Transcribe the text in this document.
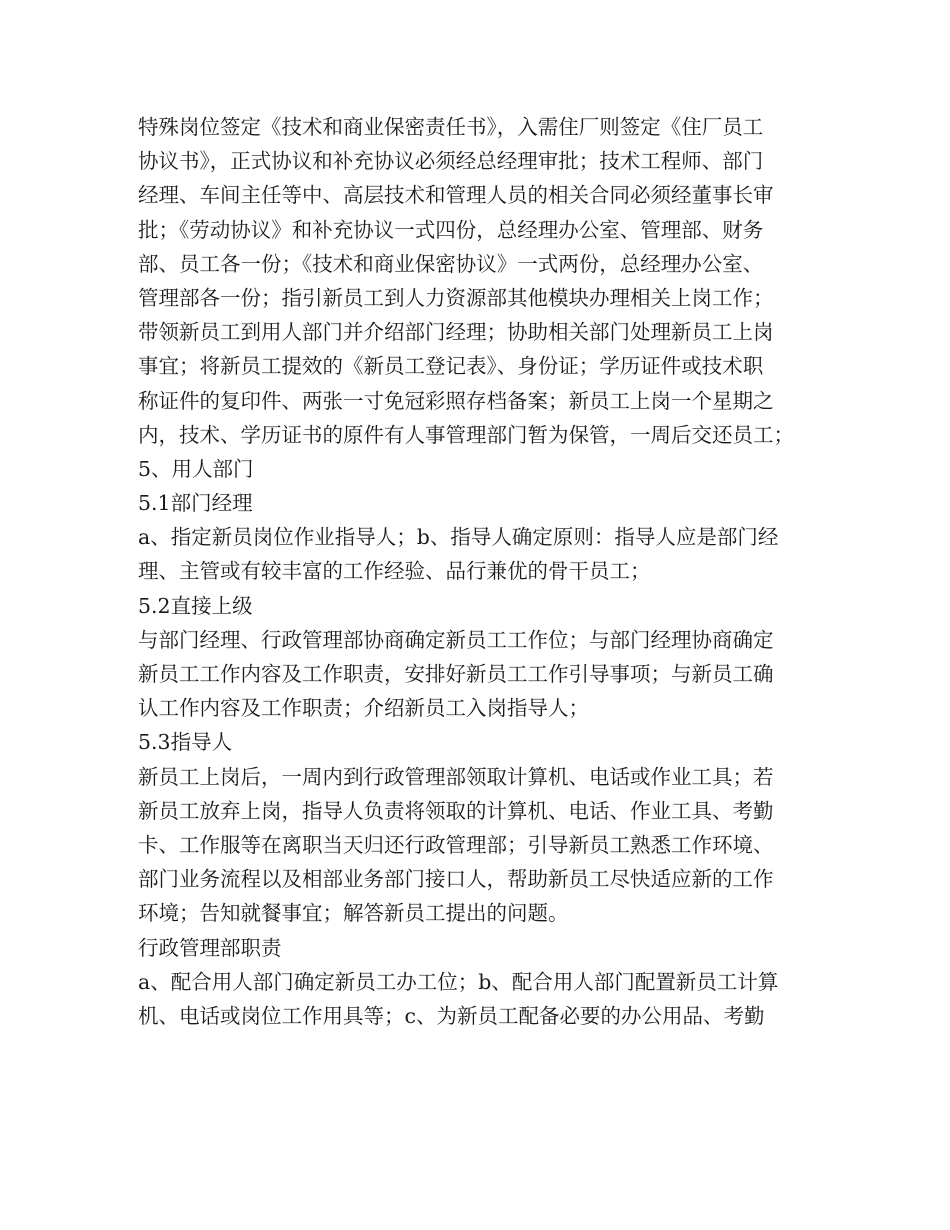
特殊岗位签定《技术和商业保密责任书》，入需住厂则签定《住厂员工
协议书》，正式协议和补充协议必须经总经理审批；技术工程师、部门
经理、车间主任等中、高层技术和管理人员的相关合同必须经董事长审
批；《劳动协议》和补充协议一式四份，总经理办公室、管理部、财务
部、员工各一份；《技术和商业保密协议》一式两份，总经理办公室、
管理部各一份；指引新员工到人力资源部其他模块办理相关上岗工作；
带领新员工到用人部门并介绍部门经理；协助相关部门处理新员工上岗
事宜；将新员工提效的《新员工登记表》、身份证；学历证件或技术职
称证件的复印件、两张一寸免冠彩照存档备案；新员工上岗一个星期之
内，技术、学历证书的原件有人事管理部门暂为保管，一周后交还员工；
5、用人部门
5.1部门经理
a、指定新员岗位作业指导人；b、指导人确定原则：指导人应是部门经
理、主管或有较丰富的工作经验、品行兼优的骨干员工；
5.2直接上级
与部门经理、行政管理部协商确定新员工工作位；与部门经理协商确定
新员工工作内容及工作职责，安排好新员工工作引导事项；与新员工确
认工作内容及工作职责；介绍新员工入岗指导人；
5.3指导人
新员工上岗后，一周内到行政管理部领取计算机、电话或作业工具；若
新员工放弃上岗，指导人负责将领取的计算机、电话、作业工具、考勤
卡、工作服等在离职当天归还行政管理部；引导新员工熟悉工作环境、
部门业务流程以及相部业务部门接口人，帮助新员工尽快适应新的工作
环境；告知就餐事宜；解答新员工提出的问题。
行政管理部职责
a、配合用人部门确定新员工办工位；b、配合用人部门配置新员工计算
机、电话或岗位工作用具等；c、为新员工配备必要的办公用品、考勤
